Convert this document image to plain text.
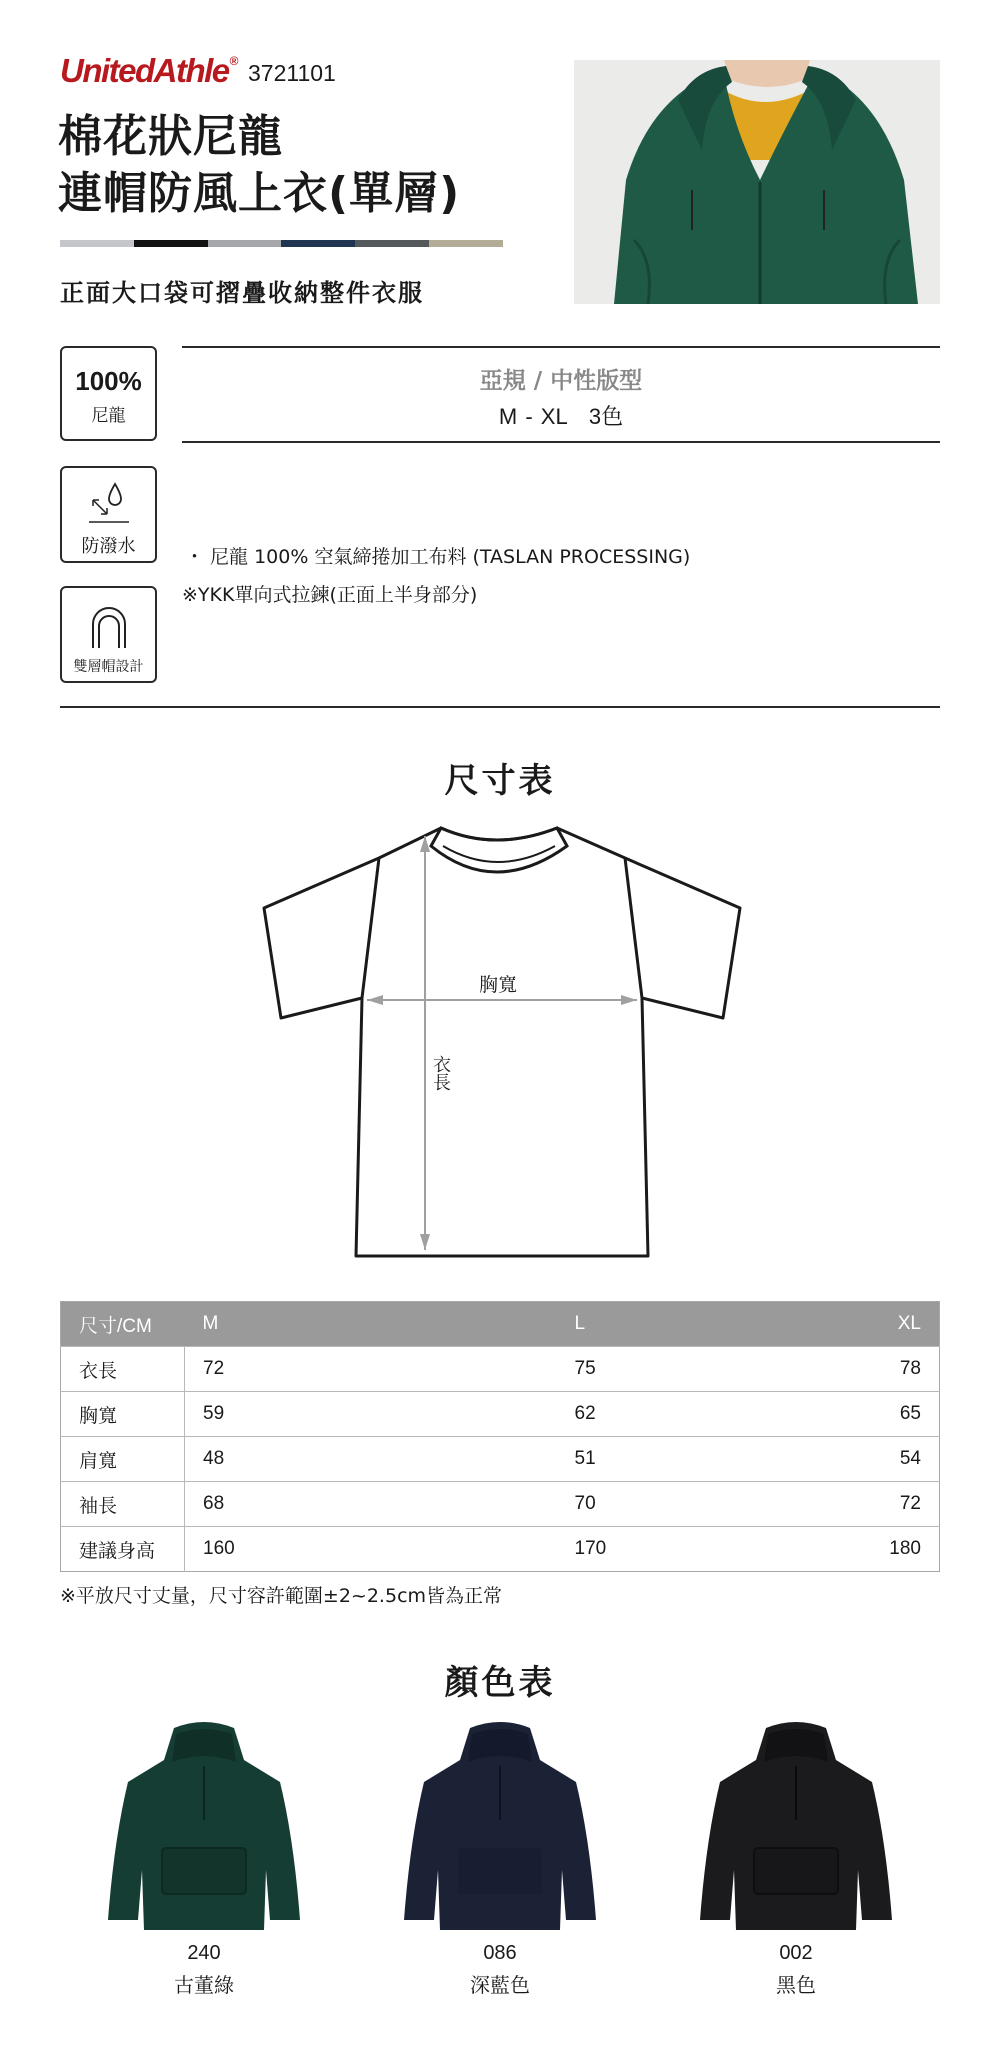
UnitedAthle® 3721101
棉花狀尼龍
連帽防風上衣(單層)
正面大口袋可摺疊收納整件衣服
100%
尼龍
防潑水
雙層帽設計
亞規 / 中性版型
M - XL　3色
・ 尼龍 100% 空氣締捲加工布料 (TASLAN PROCESSING)
※YKK單向式拉鍊(正面上半身部分)
尺寸表
胸寬
衣長
尺寸/CM	M	L	XL
衣長	72	75	78
胸寬	59	62	65
肩寬	48	51	54
袖長	68	70	72
建議身高	160	170	180
※平放尺寸丈量，尺寸容許範圍±2~2.5cm皆為正常
顏色表
240
古董綠
086
深藍色
002
黑色
